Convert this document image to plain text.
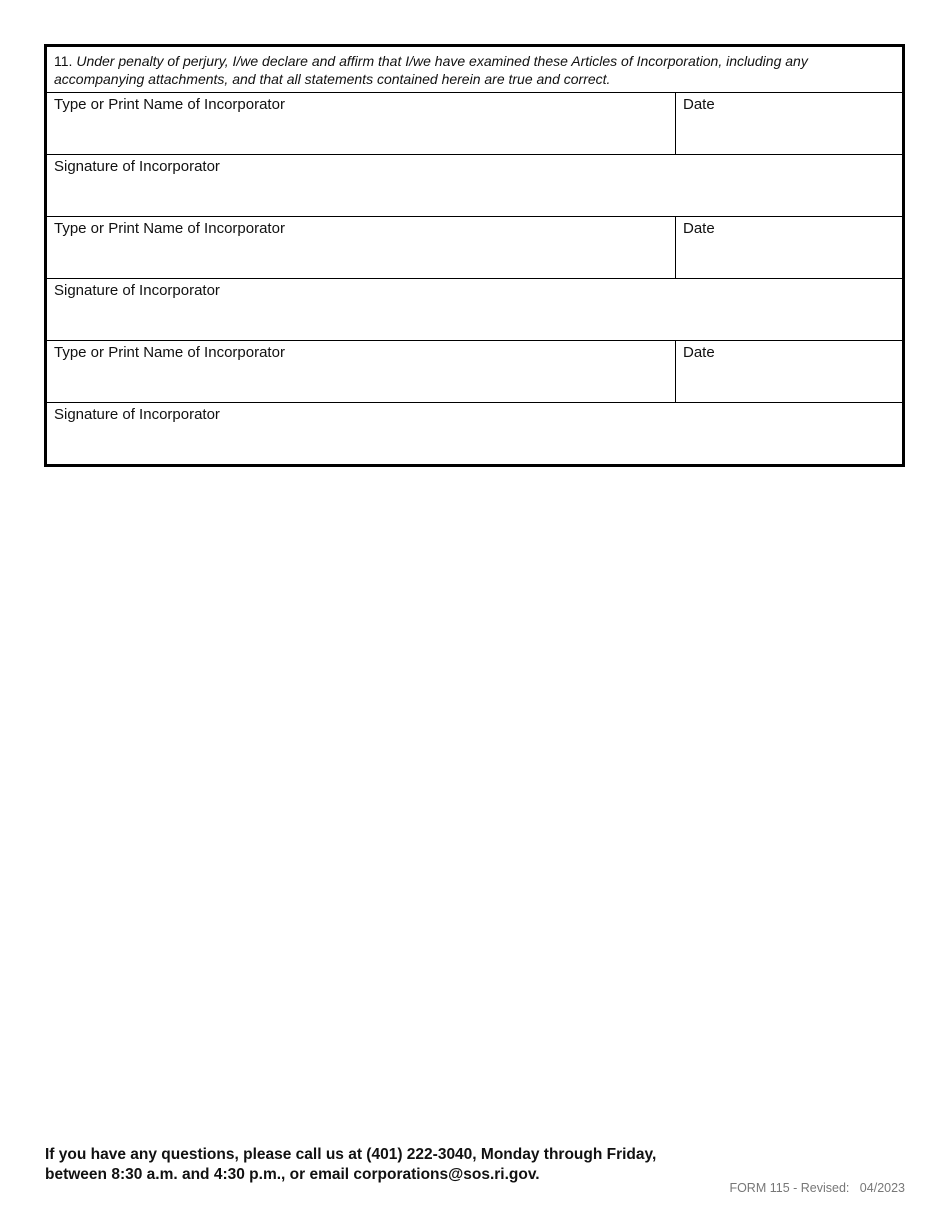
11. Under penalty of perjury, I/we declare and affirm that I/we have examined these Articles of Incorporation, including any accompanying attachments, and that all statements contained herein are true and correct.
Type or Print Name of Incorporator	Date
Signature of Incorporator
Type or Print Name of Incorporator	Date
Signature of Incorporator
Type or Print Name of Incorporator	Date
Signature of Incorporator
If you have any questions, please call us at (401) 222-3040, Monday through Friday,
between 8:30 a.m. and 4:30 p.m., or email corporations@sos.ri.gov.
FORM 115 - Revised:   04/2023
